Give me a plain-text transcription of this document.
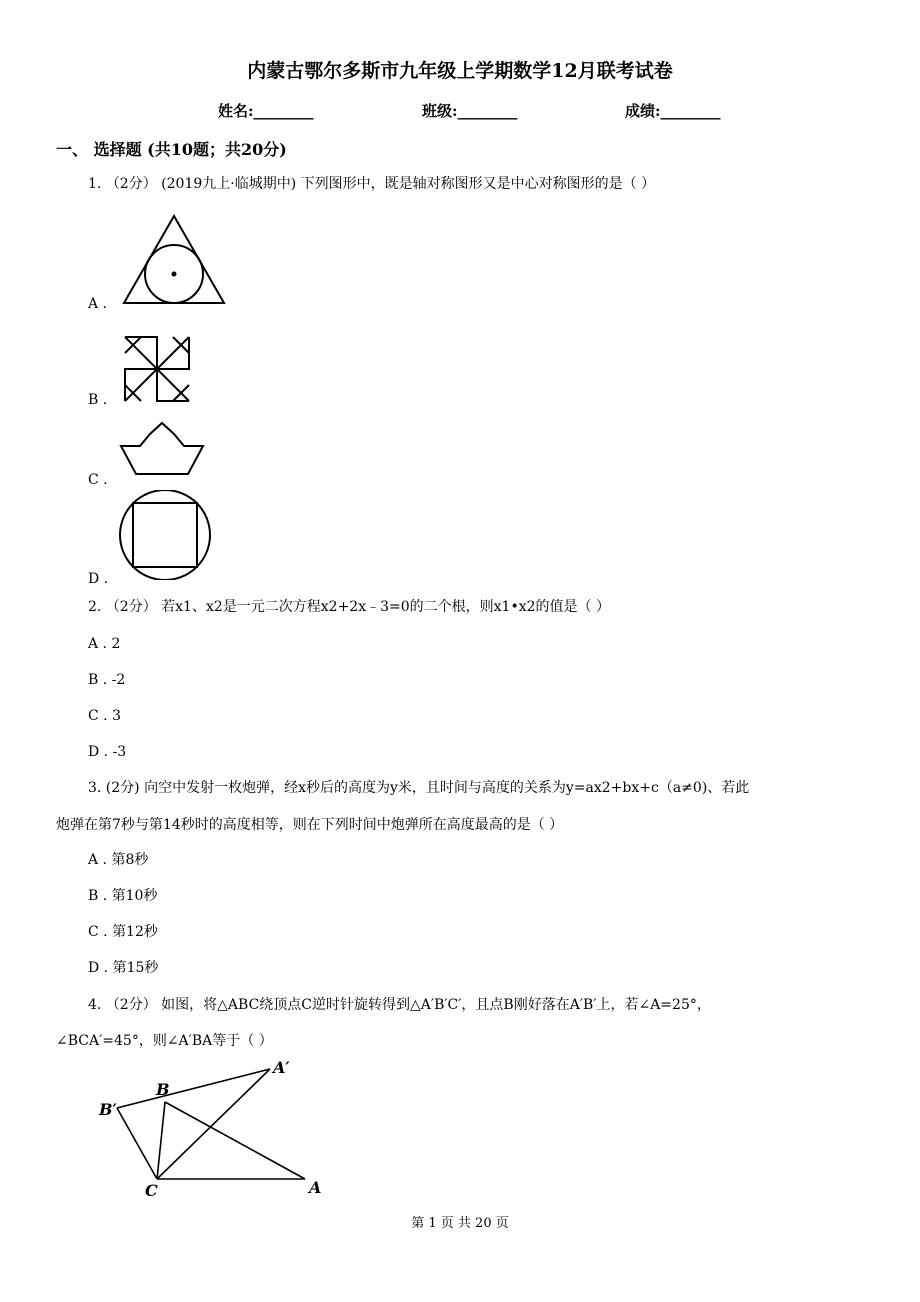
内蒙古鄂尔多斯市九年级上学期数学12月联考试卷
姓名:________	班级:________	成绩:________
一、 选择题 (共10题；共20分)
1. （2分） (2019九上·临城期中) 下列图形中，既是轴对称图形又是中心对称图形的是（ ）
A .
B .
C .
D .
2. （2分） 若x1、x2是一元二次方程x2+2x﹣3=0的二个根，则x1•x2的值是（ ）
A . 2
B . -2
C . 3
D . -3
3. (2分) 向空中发射一枚炮弹，经x秒后的高度为y米，且时间与高度的关系为y=ax2+bx+c（a≠0)、若此
炮弹在第7秒与第14秒时的高度相等，则在下列时间中炮弹所在高度最高的是（ ）
A . 第8秒
B . 第10秒
C . 第12秒
D . 第15秒
4. （2分） 如图，将△ABC绕顶点C逆时针旋转得到△A′B′C′，且点B刚好落在A′B′上，若∠A=25°，
∠BCA′=45°，则∠A′BA等于（ ）
A′
B
B′
C	A
第 1 页 共 20 页
